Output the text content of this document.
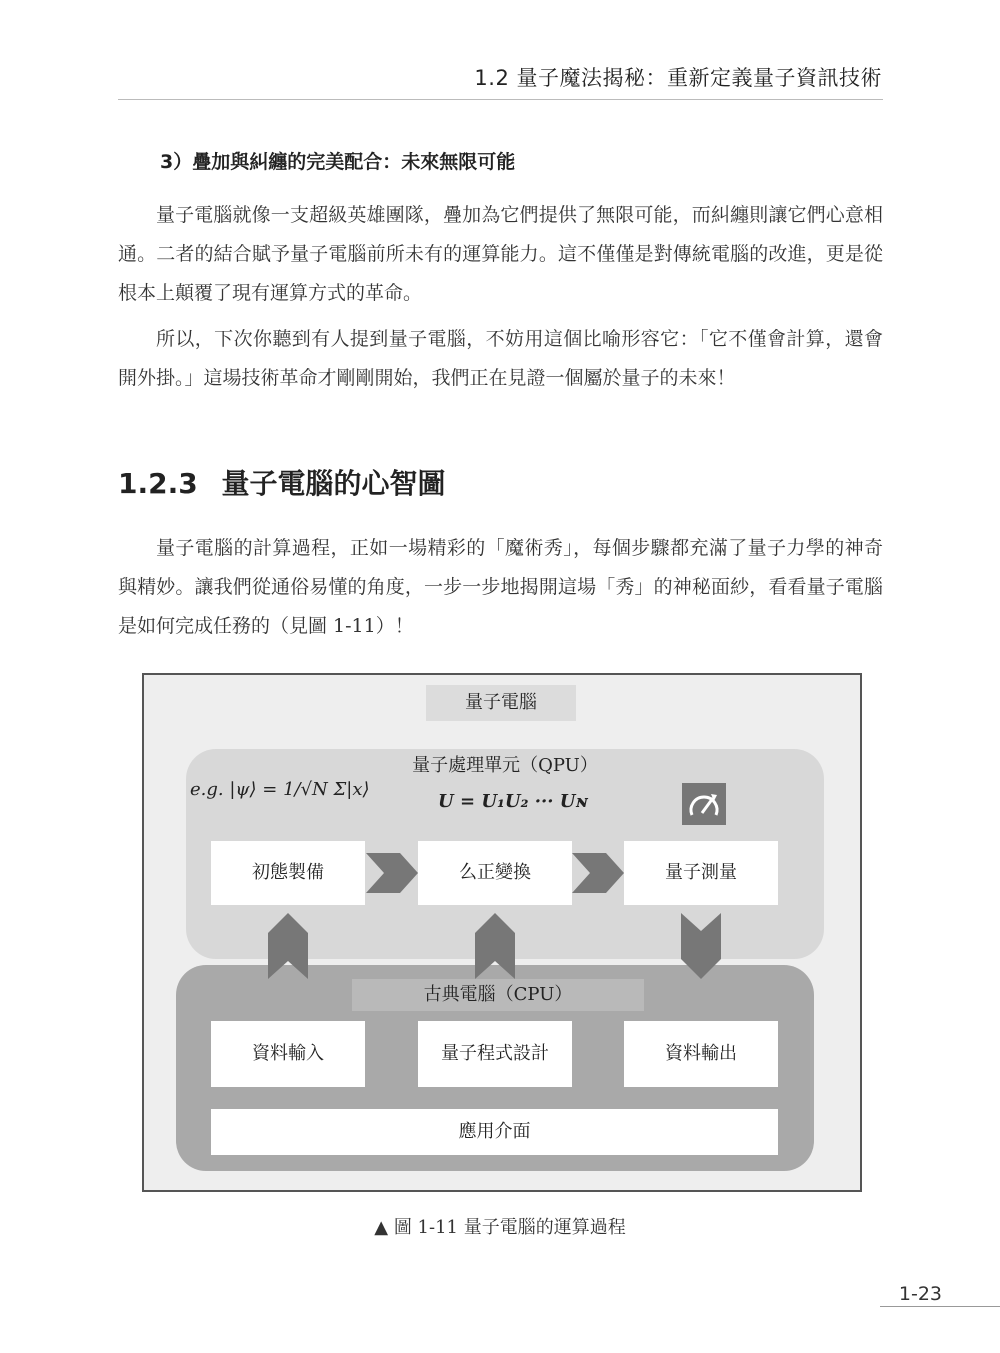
1.2 量子魔法揭秘：重新定義量子資訊技術
3）疊加與糾纏的完美配合：未來無限可能

量子電腦就像一支超級英雄團隊，疊加為它們提供了無限可能，而糾纏則讓它們心意相通。二者的結合賦予量子電腦前所未有的運算能力。這不僅僅是對傳統電腦的改進，更是從根本上顛覆了現有運算方式的革命。

所以，下次你聽到有人提到量子電腦，不妨用這個比喻形容它：「它不僅會計算，還會開外掛。」這場技術革命才剛剛開始，我們正在見證一個屬於量子的未來！

1.2.3 量子電腦的心智圖

量子電腦的計算過程，正如一場精彩的「魔術秀」，每個步驟都充滿了量子力學的神奇與精妙。讓我們從通俗易懂的角度，一步一步地揭開這場「秀」的神秘面紗，看看量子電腦是如何完成任務的（見圖 1-11）！

量子電腦
量子處理單元（QPU）
e.g. |ψ⟩ = 1/√N Σ|x⟩
U = U₁U₂ ··· Uɴ
初態製備	么正變換	量子測量
古典電腦（CPU）
資料輸入	量子程式設計	資料輸出
應用介面
▲ 圖 1-11 量子電腦的運算過程
1-23
